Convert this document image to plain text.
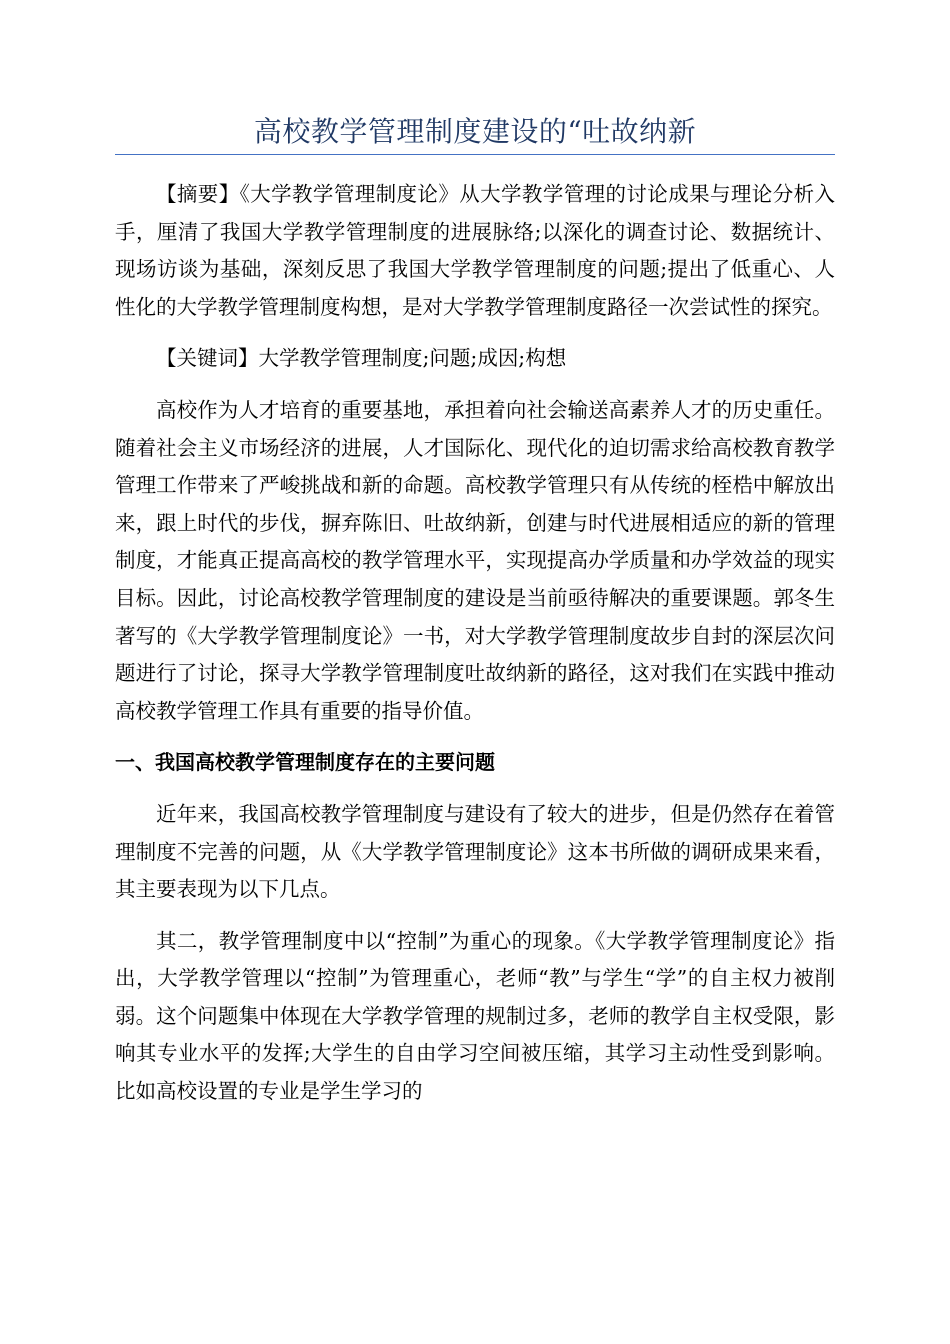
高校教学管理制度建设的“吐故纳新

【摘要】《大学教学管理制度论》从大学教学管理的讨论成果与理论分析入手，厘清了我国大学教学管理制度的进展脉络;以深化的调查讨论、数据统计、现场访谈为基础，深刻反思了我国大学教学管理制度的问题;提出了低重心、人性化的大学教学管理制度构想，是对大学教学管理制度路径一次尝试性的探究。

【关键词】大学教学管理制度;问题;成因;构想

高校作为人才培育的重要基地，承担着向社会输送高素养人才的历史重任。随着社会主义市场经济的进展，人才国际化、现代化的迫切需求给高校教育教学管理工作带来了严峻挑战和新的命题。高校教学管理只有从传统的桎梏中解放出来，跟上时代的步伐，摒弃陈旧、吐故纳新，创建与时代进展相适应的新的管理制度，才能真正提高高校的教学管理水平，实现提高办学质量和办学效益的现实目标。因此，讨论高校教学管理制度的建设是当前亟待解决的重要课题。郭冬生著写的《大学教学管理制度论》一书，对大学教学管理制度故步自封的深层次问题进行了讨论，探寻大学教学管理制度吐故纳新的路径，这对我们在实践中推动高校教学管理工作具有重要的指导价值。

一、我国高校教学管理制度存在的主要问题

近年来，我国高校教学管理制度与建设有了较大的进步，但是仍然存在着管理制度不完善的问题，从《大学教学管理制度论》这本书所做的调研成果来看，其主要表现为以下几点。

其二，教学管理制度中以“控制”为重心的现象。《大学教学管理制度论》指出，大学教学管理以“控制”为管理重心，老师“教”与学生“学”的自主权力被削弱。这个问题集中体现在大学教学管理的规制过多，老师的教学自主权受限，影响其专业水平的发挥;大学生的自由学习空间被压缩，其学习主动性受到影响。比如高校设置的专业是学生学习的
